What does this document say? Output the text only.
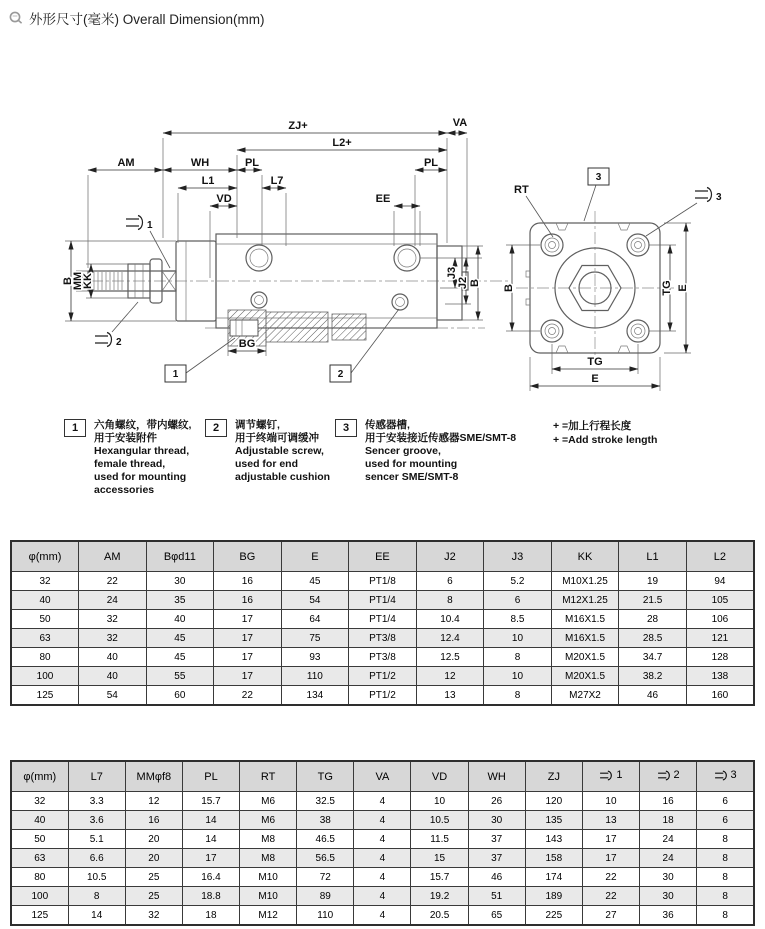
外形尺寸(毫米) Overall Dimension(mm)
ZJ+	VA
L2+
AM	WH	PL	PL
L1	L7
VD	EE
B
MM
KK
J3
J2 B
BG
1	2
1
2
3
RT
3
B	TG E
TG
E
1	六角螺纹，带内螺纹,
用于安装附件
Hexangular thread,
female thread,
used for mounting
accessories
2	调节螺钉,
用于终端可调缓冲
Adjustable screw,
used for end
adjustable cushion
3	传感器槽,
用于安装接近传感器SME/SMT-8
Sencer groove,
used for mounting
sencer SME/SMT-8
+ =加上行程长度
+ =Add stroke length
φ(mm)	AM	Bφd11	BG	E	EE	J2	J3	KK	L1	L2
32	22	30	16	45	PT1/8	6	5.2	M10X1.25	19	94
40	24	35	16	54	PT1/4	8	6	M12X1.25	21.5	105
50	32	40	17	64	PT1/4	10.4	8.5	M16X1.5	28	106
63	32	45	17	75	PT3/8	12.4	10	M16X1.5	28.5	121
80	40	45	17	93	PT3/8	12.5	8	M20X1.5	34.7	128
100	40	55	17	110	PT1/2	12	10	M20X1.5	38.2	138
125	54	60	22	134	PT1/2	13	8	M27X2	46	160
φ(mm)	L7	MMφf8	PL	RT	TG	VA	VD	WH	ZJ	1	2	3

32	3.3	12	15.7	M6	32.5	4	10	26	120	10	16	6
40	3.6	16	14	M6	38	4	10.5	30	135	13	18	6
50	5.1	20	14	M8	46.5	4	11.5	37	143	17	24	8
63	6.6	20	17	M8	56.5	4	15	37	158	17	24	8
80	10.5	25	16.4	M10	72	4	15.7	46	174	22	30	8
100	8	25	18.8	M10	89	4	19.2	51	189	22	30	8
125	14	32	18	M12	110	4	20.5	65	225	27	36	8
